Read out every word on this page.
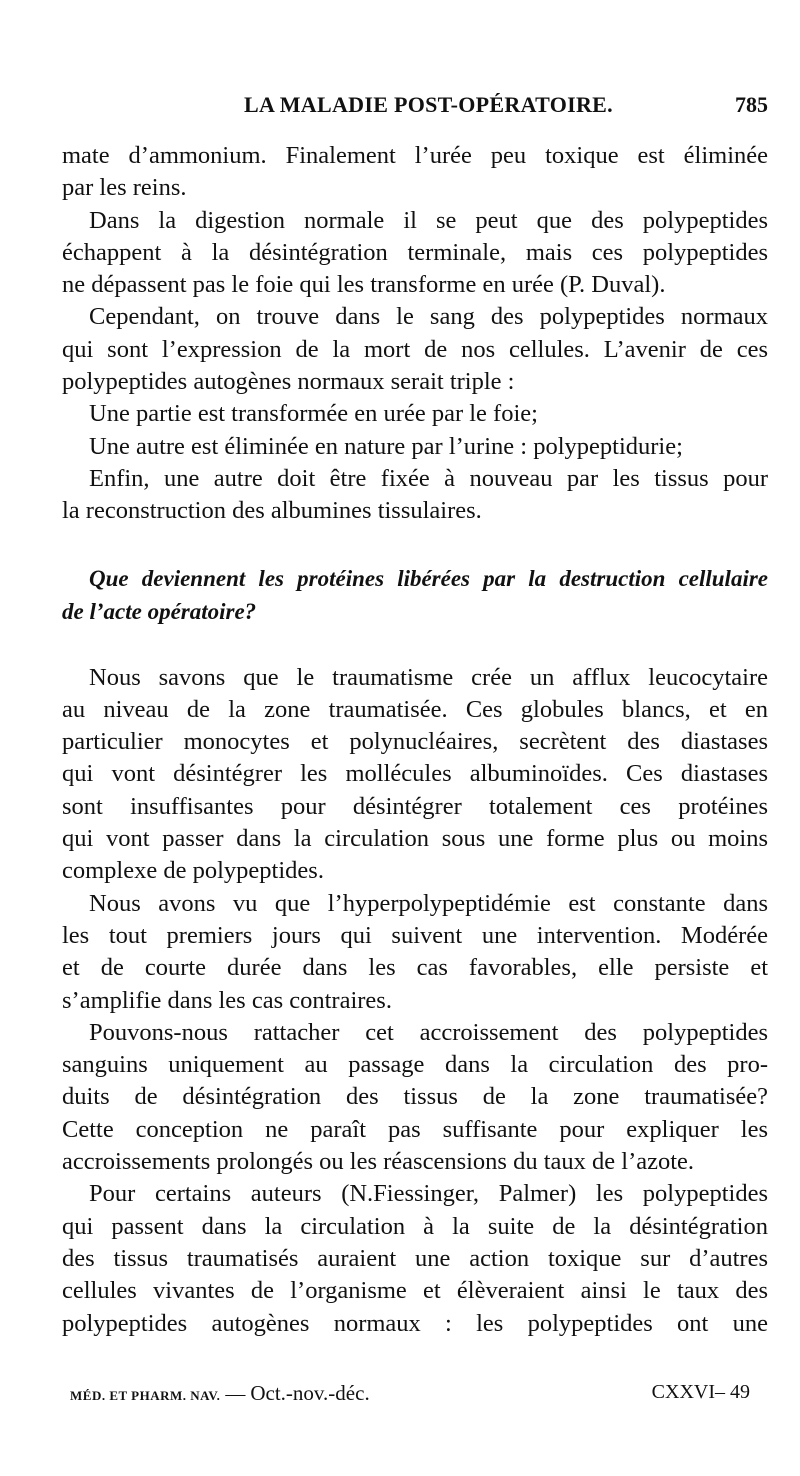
LA MALADIE POST-OPÉRATOIRE.	785
mate d’ammonium. Finalement l’urée peu toxique est éliminée
par les reins.
Dans la digestion normale il se peut que des polypeptides
échappent à la désintégration terminale, mais ces polypeptides
ne dépassent pas le foie qui les transforme en urée (P. Duval).
Cependant, on trouve dans le sang des polypeptides normaux
qui sont l’expression de la mort de nos cellules. L’avenir de ces
polypeptides autogènes normaux serait triple :
Une partie est transformée en urée par le foie;
Une autre est éliminée en nature par l’urine : polypeptidurie;
Enfin, une autre doit être fixée à nouveau par les tissus pour
la reconstruction des albumines tissulaires.
Que deviennent les protéines libérées par la destruction cellulaire
de l’acte opératoire?
Nous savons que le traumatisme crée un afflux leucocytaire
au niveau de la zone traumatisée. Ces globules blancs, et en
particulier monocytes et polynucléaires, secrètent des diastases
qui vont désintégrer les mollécules albuminoïdes. Ces diastases
sont insuffisantes pour désintégrer totalement ces protéines
qui vont passer dans la circulation sous une forme plus ou moins
complexe de polypeptides.
Nous avons vu que l’hyperpolypeptidémie est constante dans
les tout premiers jours qui suivent une intervention. Modérée
et de courte durée dans les cas favorables, elle persiste et
s’amplifie dans les cas contraires.
Pouvons-nous rattacher cet accroissement des polypeptides
sanguins uniquement au passage dans la circulation des pro-
duits de désintégration des tissus de la zone traumatisée?
Cette conception ne paraît pas suffisante pour expliquer les
accroissements prolongés ou les réascensions du taux de l’azote.
Pour certains auteurs (N.Fiessinger, Palmer) les polypeptides
qui passent dans la circulation à la suite de la désintégration
des tissus traumatisés auraient une action toxique sur d’autres
cellules vivantes de l’organisme et élèveraient ainsi le taux des
polypeptides autogènes normaux : les polypeptides ont une
MÉD. ET PHARM. NAV. — Oct.-nov.-déc.	CXXVI– 49
